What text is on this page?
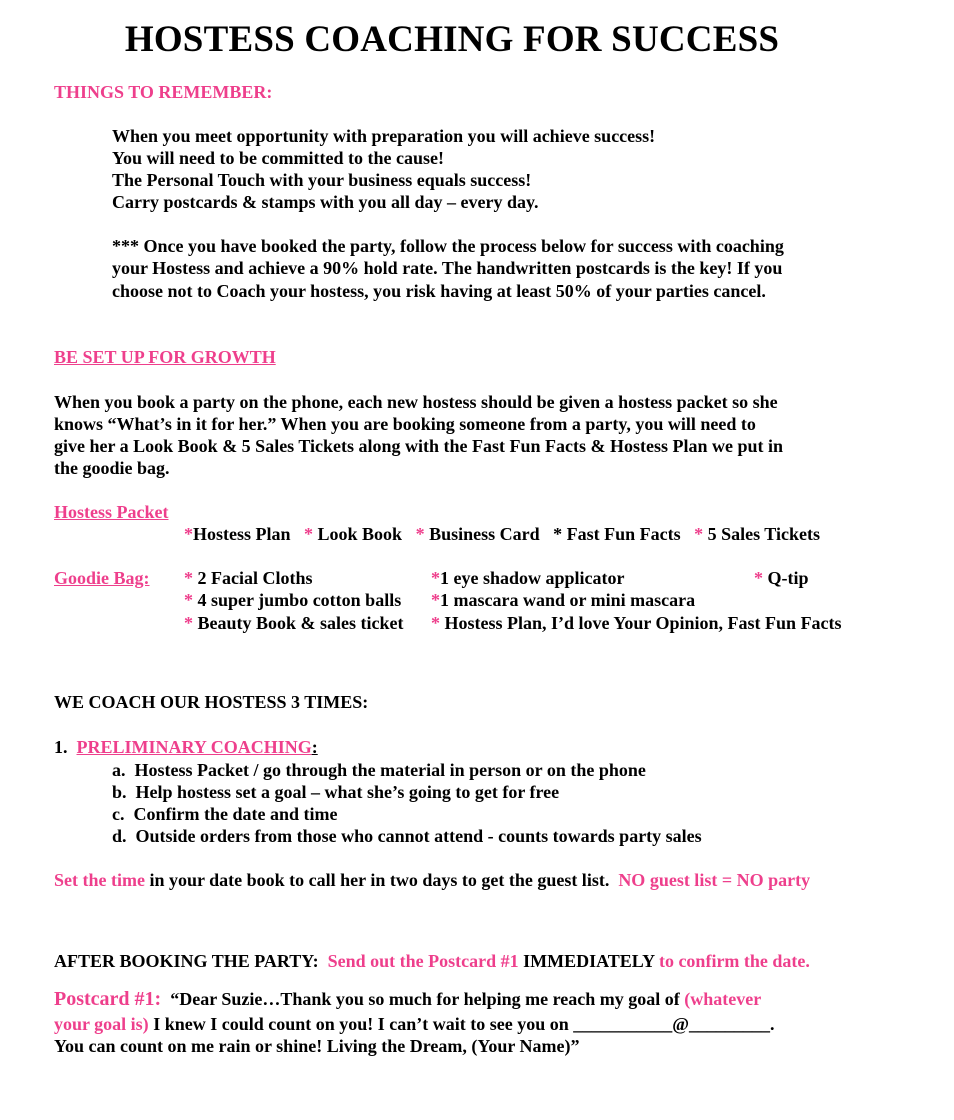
HOSTESS COACHING FOR SUCCESS
THINGS TO REMEMBER:
When you meet opportunity with preparation you will achieve success!
You will need to be committed to the cause!
The Personal Touch with your business equals success!
Carry postcards & stamps with you all day – every day.
*** Once you have booked the party, follow the process below for success with coaching
your Hostess and achieve a 90% hold rate. The handwritten postcards is the key! If you
choose not to Coach your hostess, you risk having at least 50% of your parties cancel.
BE SET UP FOR GROWTH
When you book a party on the phone, each new hostess should be given a hostess packet so she
knows “What’s in it for her.” When you are booking someone from a party, you will need to
give her a Look Book & 5 Sales Tickets along with the Fast Fun Facts & Hostess Plan we put in
the goodie bag.
Hostess Packet
*Hostess Plan * Look Book * Business Card * Fast Fun Facts * 5 Sales Tickets
Goodie Bag: * 2 Facial Cloths
* 4 super jumbo cotton balls
* Beauty Book & sales ticket
*1 eye shadow applicator
*1 mascara wand or mini mascara
* Hostess Plan, I’d love Your Opinion, Fast Fun Facts
* Q-tip
WE COACH OUR HOSTESS 3 TIMES:
1. PRELIMINARY COACHING:
a. Hostess Packet / go through the material in person or on the phone
b. Help hostess set a goal – what she’s going to get for free
c. Confirm the date and time
d. Outside orders from those who cannot attend - counts towards party sales
Set the time in your date book to call her in two days to get the guest list.  NO guest list = NO party
AFTER BOOKING THE PARTY:  Send out the Postcard #1 IMMEDIATELY to confirm the date.
Postcard #1:  “Dear Suzie…Thank you so much for helping me reach my goal of (whatever
your goal is) I knew I could count on you! I can’t wait to see you on ___________@_________.
You can count on me rain or shine! Living the Dream, (Your Name)”
